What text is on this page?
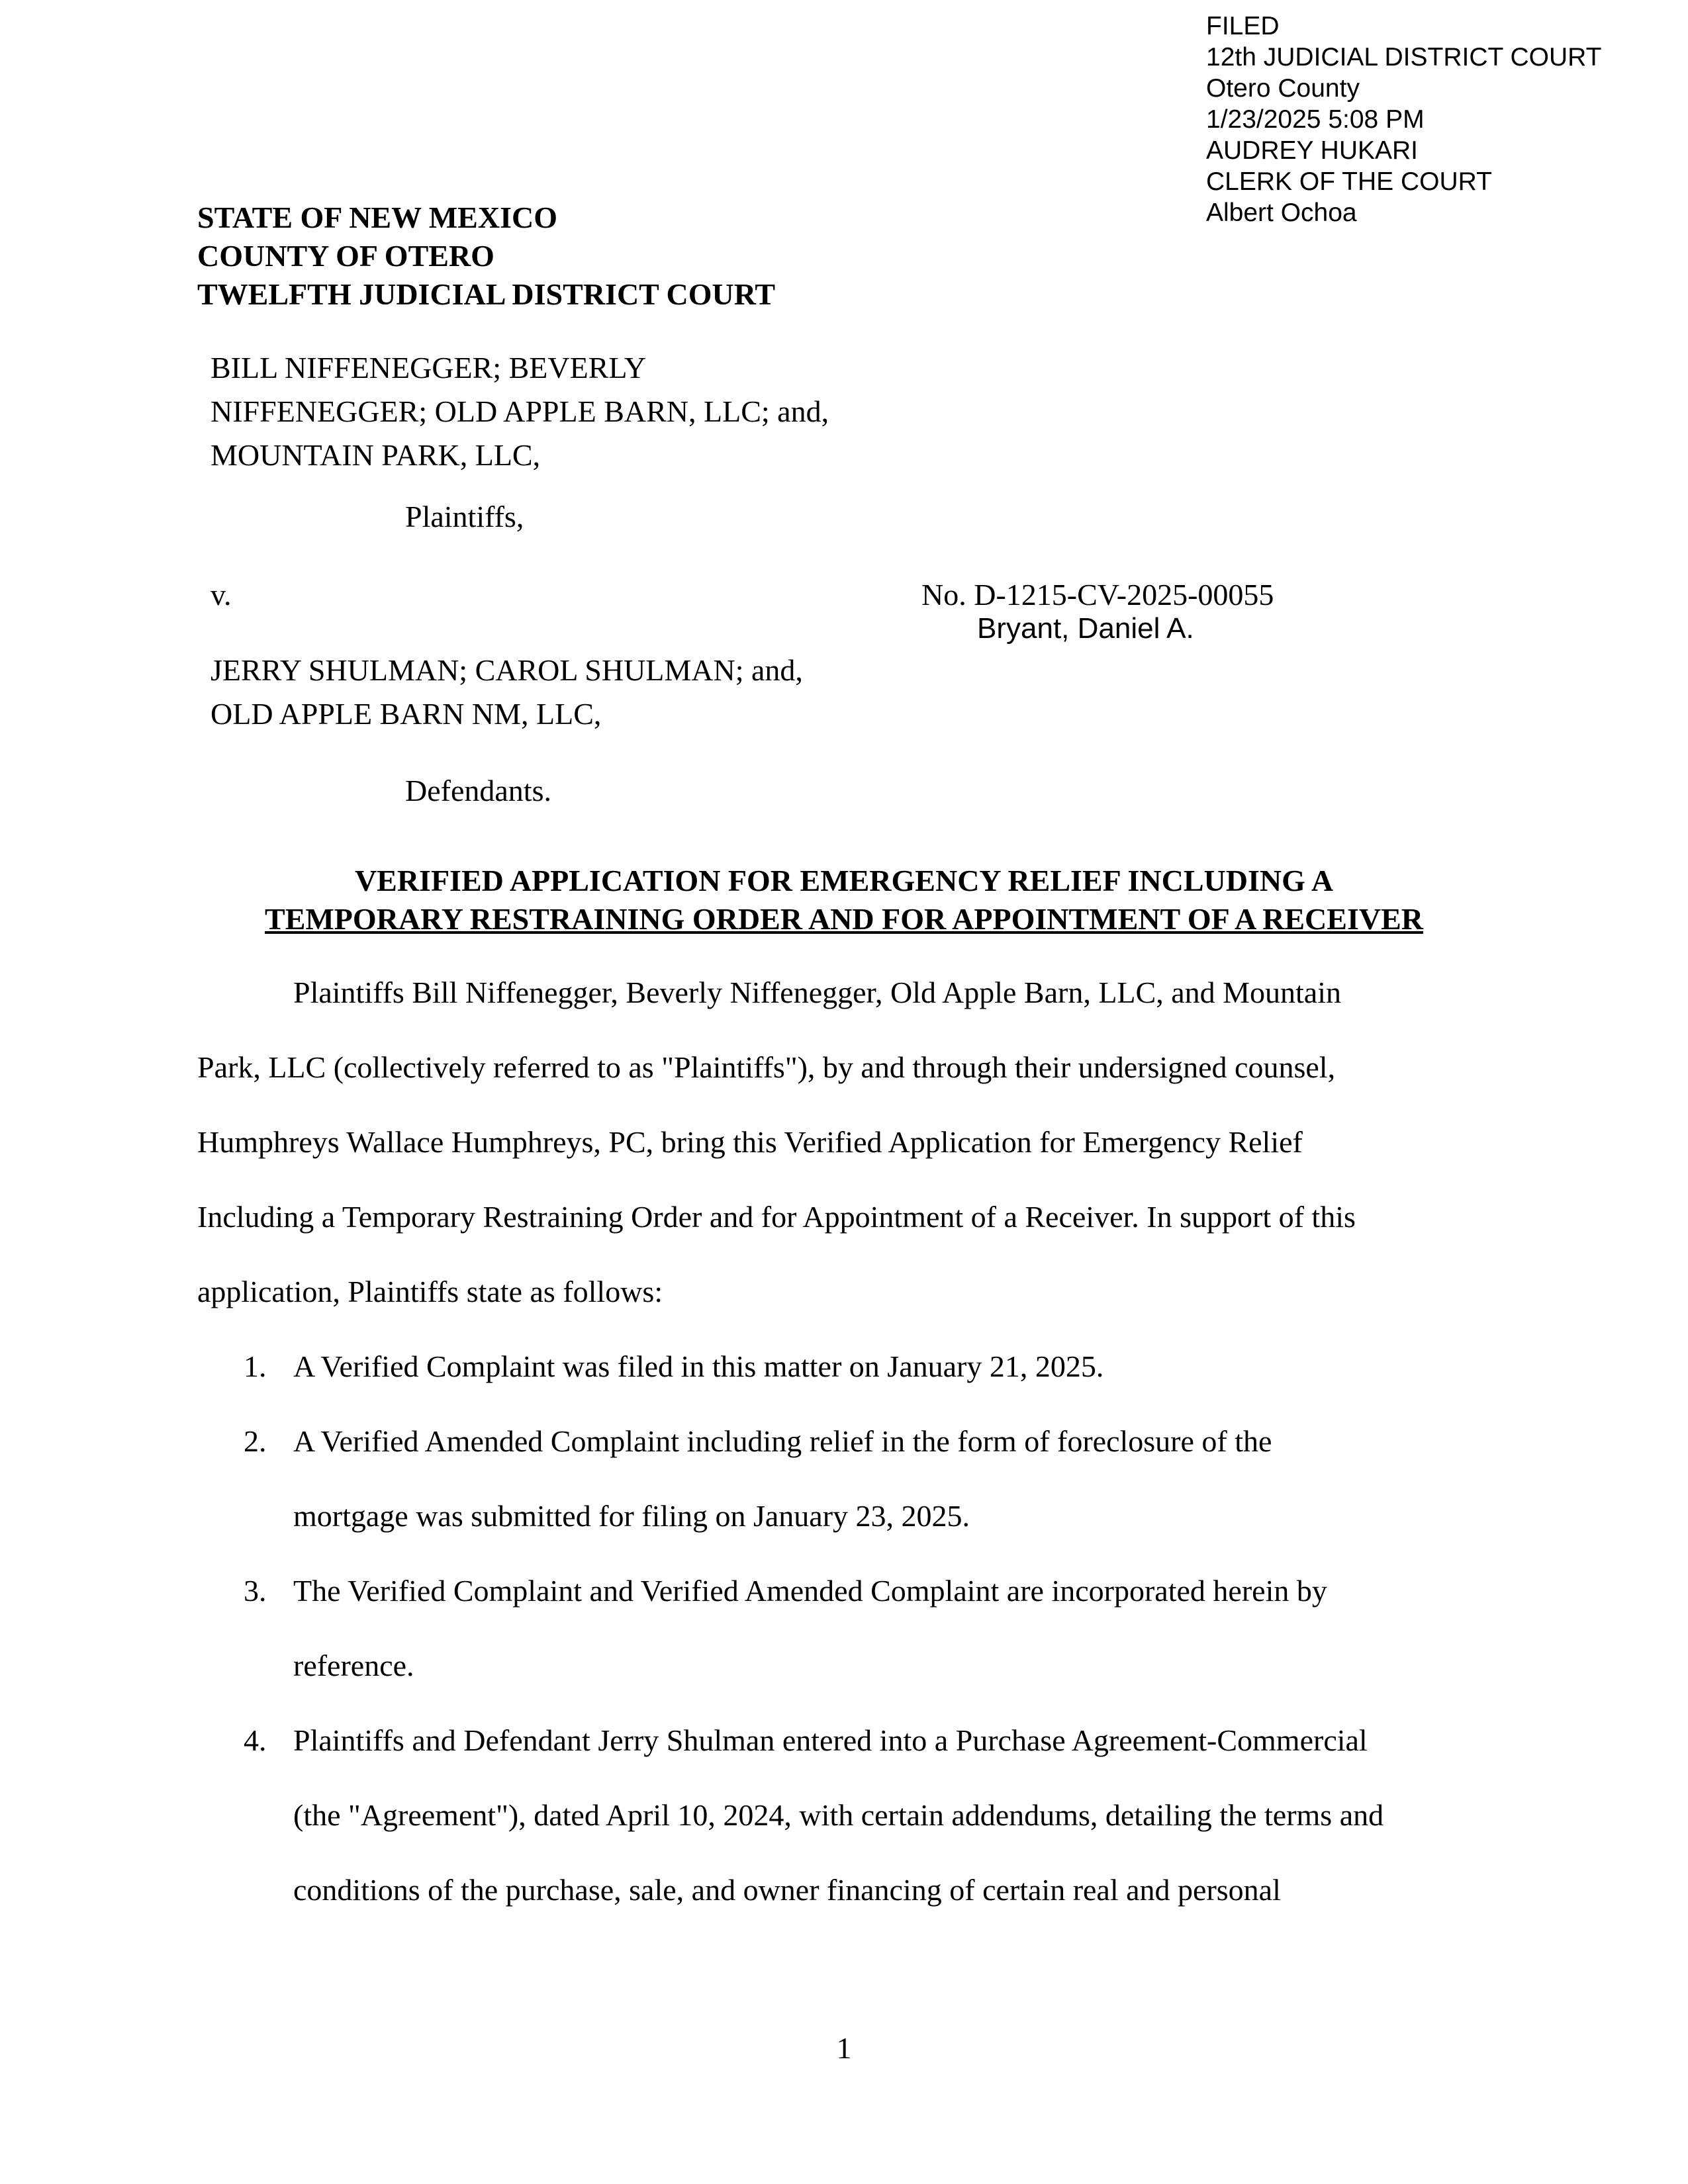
FILED
12th JUDICIAL DISTRICT COURT
Otero County
1/23/2025 5:08 PM
AUDREY HUKARI
CLERK OF THE COURT
Albert Ochoa
STATE OF NEW MEXICO
COUNTY OF OTERO
TWELFTH JUDICIAL DISTRICT COURT
BILL NIFFENEGGER; BEVERLY
NIFFENEGGER; OLD APPLE BARN, LLC; and,
MOUNTAIN PARK, LLC,
Plaintiffs,
v.	No. D-1215-CV-2025-00055
Bryant, Daniel A.
JERRY SHULMAN; CAROL SHULMAN; and,
OLD APPLE BARN NM, LLC,
Defendants.
VERIFIED APPLICATION FOR EMERGENCY RELIEF INCLUDING A
TEMPORARY RESTRAINING ORDER AND FOR APPOINTMENT OF A RECEIVER
Plaintiffs Bill Niffenegger, Beverly Niffenegger, Old Apple Barn, LLC, and Mountain
Park, LLC (collectively referred to as "Plaintiffs"), by and through their undersigned counsel,
Humphreys Wallace Humphreys, PC, bring this Verified Application for Emergency Relief
Including a Temporary Restraining Order and for Appointment of a Receiver. In support of this
application, Plaintiffs state as follows:
1. A Verified Complaint was filed in this matter on January 21, 2025.
2. A Verified Amended Complaint including relief in the form of foreclosure of the
mortgage was submitted for filing on January 23, 2025.
3. The Verified Complaint and Verified Amended Complaint are incorporated herein by
reference.
4. Plaintiffs and Defendant Jerry Shulman entered into a Purchase Agreement-Commercial
(the "Agreement"), dated April 10, 2024, with certain addendums, detailing the terms and
conditions of the purchase, sale, and owner financing of certain real and personal
1
